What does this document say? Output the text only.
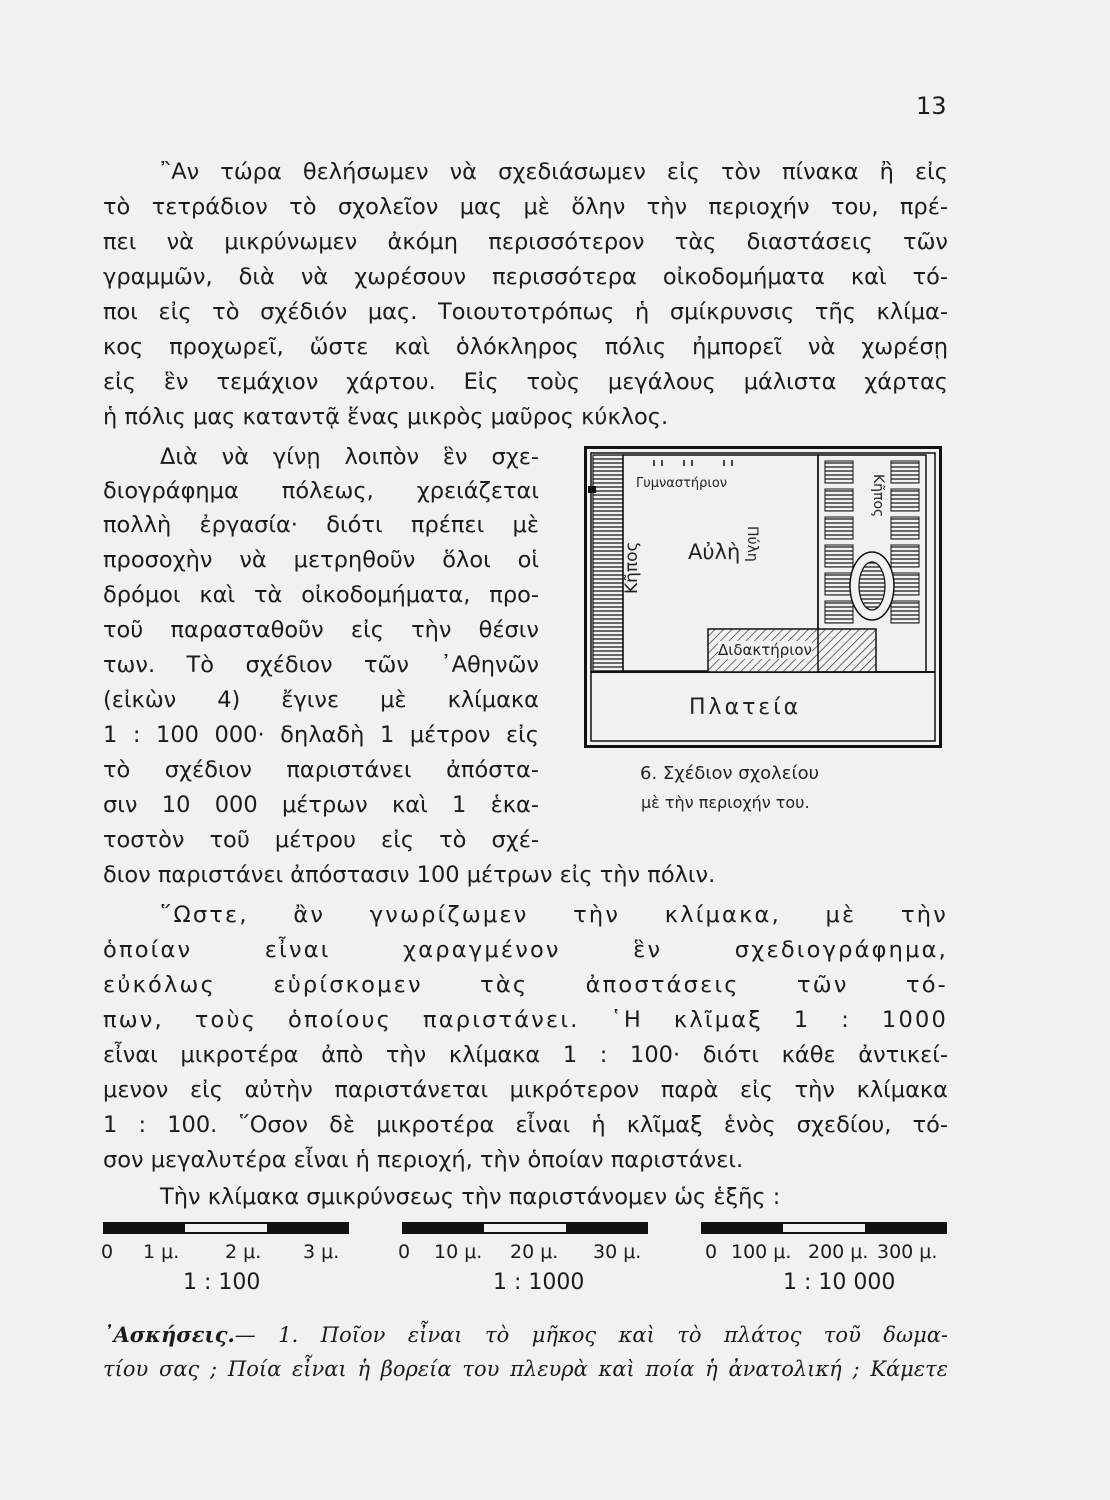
13
῍Αν τώρα θελήσωμεν νὰ σχεδιάσωμεν εἰς τὸν πίνακα ἢ εἰς
τὸ τετράδιον τὸ σχολεῖον μας μὲ ὅλην τὴν περιοχήν του, πρέ-
πει νὰ μικρύνωμεν ἀκόμη περισσότερον τὰς διαστάσεις τῶν
γραμμῶν, διὰ νὰ χωρέσουν περισσότερα οἰκοδομήματα καὶ τό-
ποι εἰς τὸ σχέδιόν μας. Τοιουτοτρόπως ἡ σμίκρυνσις τῆς κλίμα-
κος προχωρεῖ, ὥστε καὶ ὁλόκληρος πόλις ἠμπορεῖ νὰ χωρέσῃ
εἰς ἓν τεμάχιον χάρτου. Εἰς τοὺς μεγάλους μάλιστα χάρτας
ἡ πόλις μας καταντᾷ ἕνας μικρὸς μαῦρος κύκλος.
Διὰ νὰ γίνῃ λοιπὸν ἓν σχε-
διογράφημα πόλεως, χρειάζεται
πολλὴ ἐργασία· διότι πρέπει μὲ
προσοχὴν νὰ μετρηθοῦν ὅλοι οἱ
δρόμοι καὶ τὰ οἰκοδομήματα, προ-
τοῦ παρασταθοῦν εἰς τὴν θέσιν
των. Τὸ σχέδιον τῶν ᾿Αθηνῶν
(εἰκὼν 4) ἔγινε μὲ κλίμακα
1 : 100 000· δηλαδὴ 1 μέτρον εἰς
τὸ σχέδιον παριστάνει ἀπόστα-
σιν 10 000 μέτρων καὶ 1 ἑκα-
τοστὸν τοῦ μέτρου εἰς τὸ σχέ-
διον παριστάνει ἀπόστασιν 100 μέτρων εἰς τὴν πόλιν.
Γυμναστήριον
Αὐλὴ
Κῆπος	Πύλη
Κῆπος
Διδακτήριον
Πλατεία
6. Σχέδιον σχολείου
μὲ τὴν περιοχήν του.
῞Ωστε, ἂν γνωρίζωμεν τὴν κλίμακα, μὲ τὴν
ὁποίαν εἶναι χαραγμένον ἓν σχεδιογράφημα,
εὐκόλως εὑρίσκομεν τὰς ἀποστάσεις τῶν τό-
πων, τοὺς ὁποίους παριστάνει. ῾Η κλῖμαξ 1 : 1000
εἶναι μικροτέρα ἀπὸ τὴν κλίμακα 1 : 100· διότι κάθε ἀντικεί-
μενον εἰς αὐτὴν παριστάνεται μικρότερον παρὰ εἰς τὴν κλίμακα
1 : 100. ῞Οσον δὲ μικροτέρα εἶναι ἡ κλῖμαξ ἑνὸς σχεδίου, τό-
σον μεγαλυτέρα εἶναι ἡ περιοχή, τὴν ὁποίαν παριστάνει.
Τὴν κλίμακα σμικρύνσεως τὴν παριστάνομεν ὡς ἑξῆς :
0 1 μ. 2 μ. 3 μ.
1 : 100
0 10 μ. 20 μ. 30 μ.
1 : 1000
0 100 μ. 200 μ. 300 μ.
1 : 10 000
᾿Ασκήσεις.— 1. Ποῖον εἶναι τὸ μῆκος καὶ τὸ πλάτος τοῦ δωμα-
τίου σας ; Ποία εἶναι ἡ βορεία του πλευρὰ καὶ ποία ἡ ἀνατολική ; Κάμετε
